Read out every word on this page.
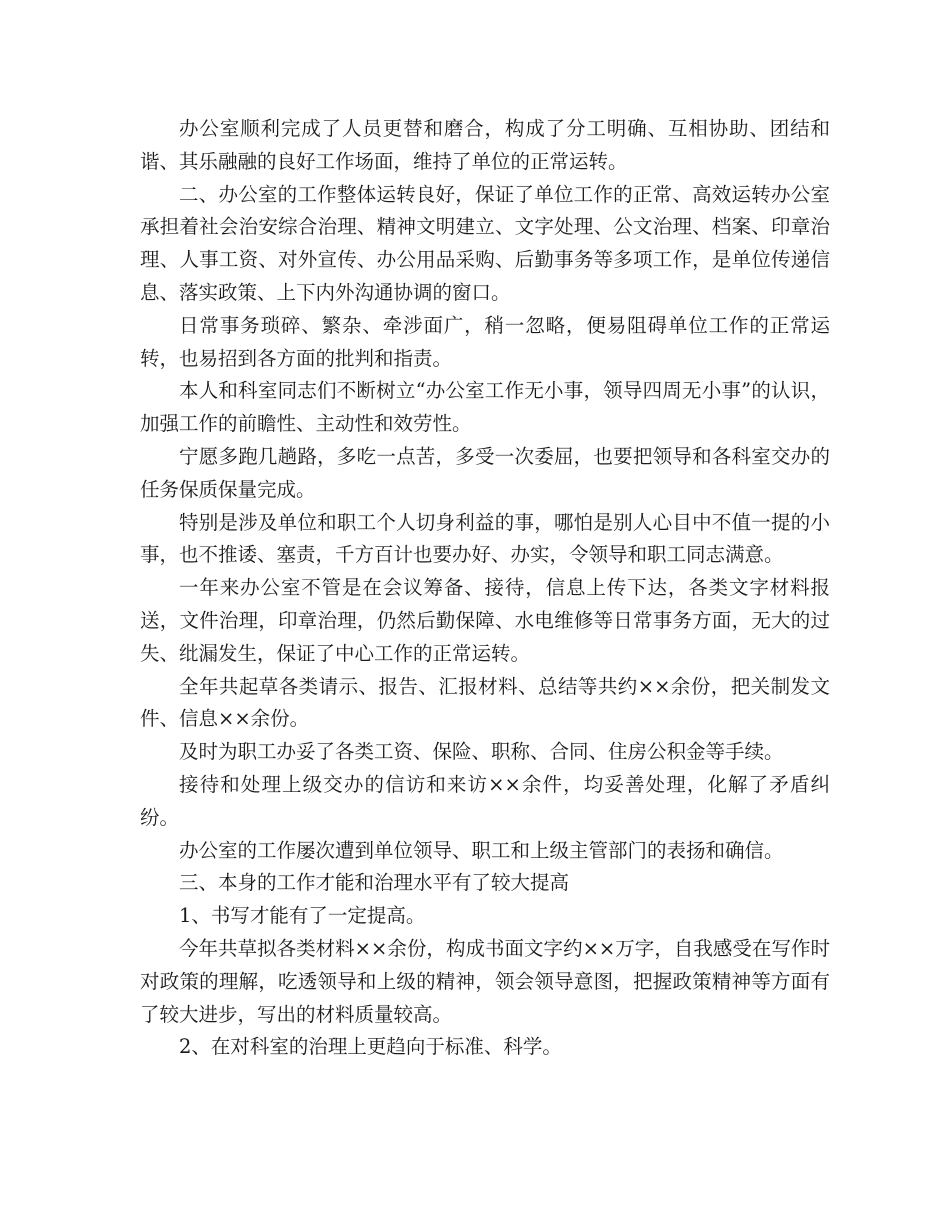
办公室顺利完成了人员更替和磨合，构成了分工明确、互相协助、团结和谐、其乐融融的良好工作场面，维持了单位的正常运转。

二、办公室的工作整体运转良好，保证了单位工作的正常、高效运转办公室承担着社会治安综合治理、精神文明建立、文字处理、公文治理、档案、印章治理、人事工资、对外宣传、办公用品采购、后勤事务等多项工作，是单位传递信息、落实政策、上下内外沟通协调的窗口。

日常事务琐碎、繁杂、牵涉面广，稍一忽略，便易阻碍单位工作的正常运转，也易招到各方面的批判和指责。

本人和科室同志们不断树立“办公室工作无小事，领导四周无小事”的认识，加强工作的前瞻性、主动性和效劳性。

宁愿多跑几趟路，多吃一点苦，多受一次委屈，也要把领导和各科室交办的任务保质保量完成。

特别是涉及单位和职工个人切身利益的事，哪怕是别人心目中不值一提的小事，也不推诿、塞责，千方百计也要办好、办实，令领导和职工同志满意。

一年来办公室不管是在会议筹备、接待，信息上传下达，各类文字材料报送，文件治理，印章治理，仍然后勤保障、水电维修等日常事务方面，无大的过失、纰漏发生，保证了中心工作的正常运转。

全年共起草各类请示、报告、汇报材料、总结等共约××余份，把关制发文件、信息××余份。

及时为职工办妥了各类工资、保险、职称、合同、住房公积金等手续。

接待和处理上级交办的信访和来访××余件，均妥善处理，化解了矛盾纠纷。

办公室的工作屡次遭到单位领导、职工和上级主管部门的表扬和确信。

三、本身的工作才能和治理水平有了较大提高

1、书写才能有了一定提高。

今年共草拟各类材料××余份，构成书面文字约××万字，自我感受在写作时对政策的理解，吃透领导和上级的精神，领会领导意图，把握政策精神等方面有了较大进步，写出的材料质量较高。

2、在对科室的治理上更趋向于标准、科学。
